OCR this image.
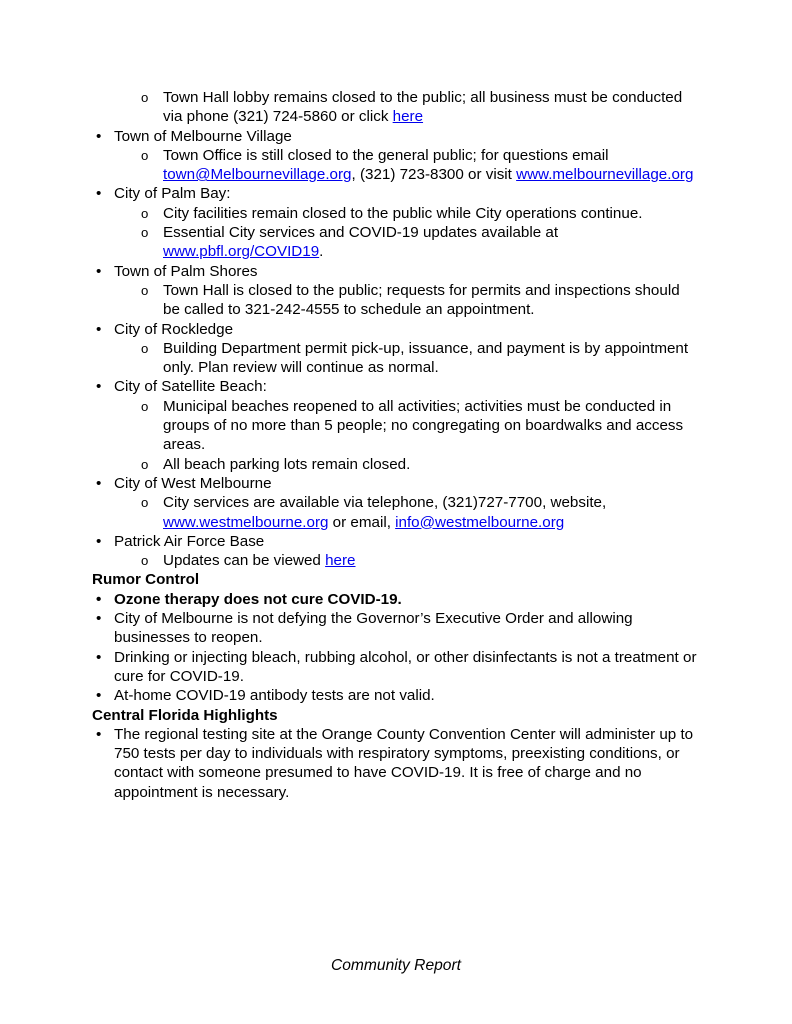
o Town Hall lobby remains closed to the public; all business must be conducted via phone (321) 724-5860 or click here
• Town of Melbourne Village
o Town Office is still closed to the general public; for questions email town@Melbournevillage.org, (321) 723-8300 or visit www.melbournevillage.org
• City of Palm Bay:
o City facilities remain closed to the public while City operations continue.
o Essential City services and COVID-19 updates available at www.pbfl.org/COVID19.
• Town of Palm Shores
o Town Hall is closed to the public; requests for permits and inspections should be called to 321-242-4555 to schedule an appointment.
• City of Rockledge
o Building Department permit pick-up, issuance, and payment is by appointment only. Plan review will continue as normal.
• City of Satellite Beach:
o Municipal beaches reopened to all activities; activities must be conducted in groups of no more than 5 people; no congregating on boardwalks and access areas.
o All beach parking lots remain closed.
• City of West Melbourne
o City services are available via telephone, (321)727-7700, website, www.westmelbourne.org or email, info@westmelbourne.org
• Patrick Air Force Base
o Updates can be viewed here
Rumor Control
• Ozone therapy does not cure COVID-19.
• City of Melbourne is not defying the Governor’s Executive Order and allowing businesses to reopen.
• Drinking or injecting bleach, rubbing alcohol, or other disinfectants is not a treatment or cure for COVID-19.
• At-home COVID-19 antibody tests are not valid.
Central Florida Highlights
• The regional testing site at the Orange County Convention Center will administer up to 750 tests per day to individuals with respiratory symptoms, preexisting conditions, or contact with someone presumed to have COVID-19. It is free of charge and no appointment is necessary.
Community Report
